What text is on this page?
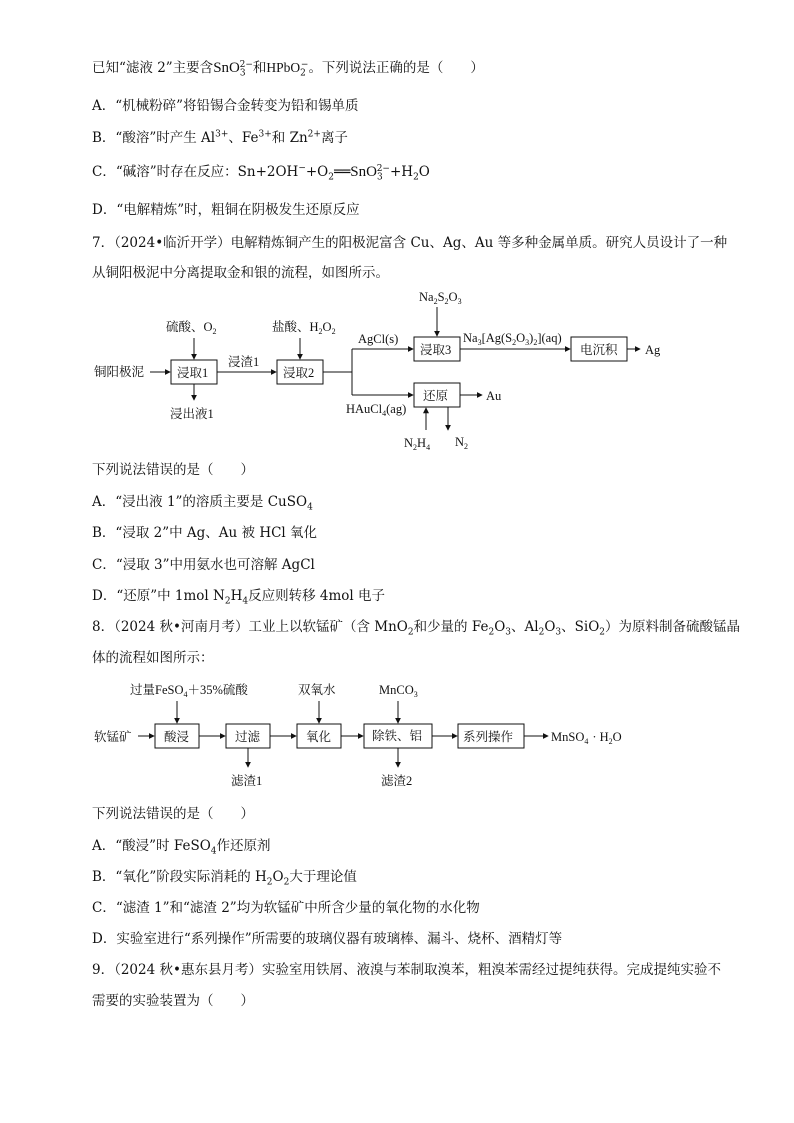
已知“滤液 2”主要含SnO$_3^{2-}$和HPbO$_2$−。下列说法正确的是（　　）
A．“机械粉碎”将铅锡合金转变为铅和锡单质
B．“酸溶”时产生 $Al^{3+}$、$Fe^{3+}$和 $Zn^{2+}$离子
C．“碱溶”时存在反应：$Sn+2OH^-+O_2══SnO_3^{2-}+H_2O$
D．“电解精炼”时，粗铜在阴极发生还原反应
7．（2024•临沂开学）电解精炼铜产生的阳极泥富含 Cu、Ag、Au 等多种金属单质。研究人员设计了一种
从铜阳极泥中分离提取金和银的流程，如图所示。
铜阳极泥
硫酸、$O_2$
浸取1
浸出液1
浸渣1
盐酸、$H_2O_2$
浸取2
AgCl(s)
$Na_2S_2O_3$
浸取3
$Na_3[Ag(S_2O_3)_2](aq)$
电沉积 Ag
HAuCl$_4$(ag)
还原	Au
$N_2H_4$ $N_2$
下列说法错误的是（　　）
A．“浸出液 1”的溶质主要是 CuSO$_4$
B．“浸取 2”中 Ag、Au 被 HCl 氧化
C．“浸取 3”中用氨水也可溶解 AgCl
D．“还原”中 1mol $N_2H_4$反应则转移 4mol 电子
8．（2024 秋•河南月考）工业上以软锰矿（含 MnO$_2$和少量的 $Fe_2O_3$、$Al_2O_3$、SiO$_2$）为原料制备硫酸锰晶
体的流程如图所示：
软锰矿
过量FeSO$_4$＋35%硫酸
酸浸	过滤
滤渣1
双氧水
氧化
MnCO$_3$
除铁、铝
滤渣2
系列操作	MnSO$_4$ · $H_2O$
下列说法错误的是（　　）
A．“酸浸”时 FeSO$_4$作还原剂
B．“氧化”阶段实际消耗的 $H_2O_2$大于理论值
C．“滤渣 1”和“滤渣 2”均为软锰矿中所含少量的氧化物的水化物
D．实验室进行“系列操作”所需要的玻璃仪器有玻璃棒、漏斗、烧杯、酒精灯等
9．（2024 秋•惠东县月考）实验室用铁屑、液溴与苯制取溴苯，粗溴苯需经过提纯获得。完成提纯实验不
需要的实验装置为（　　）
